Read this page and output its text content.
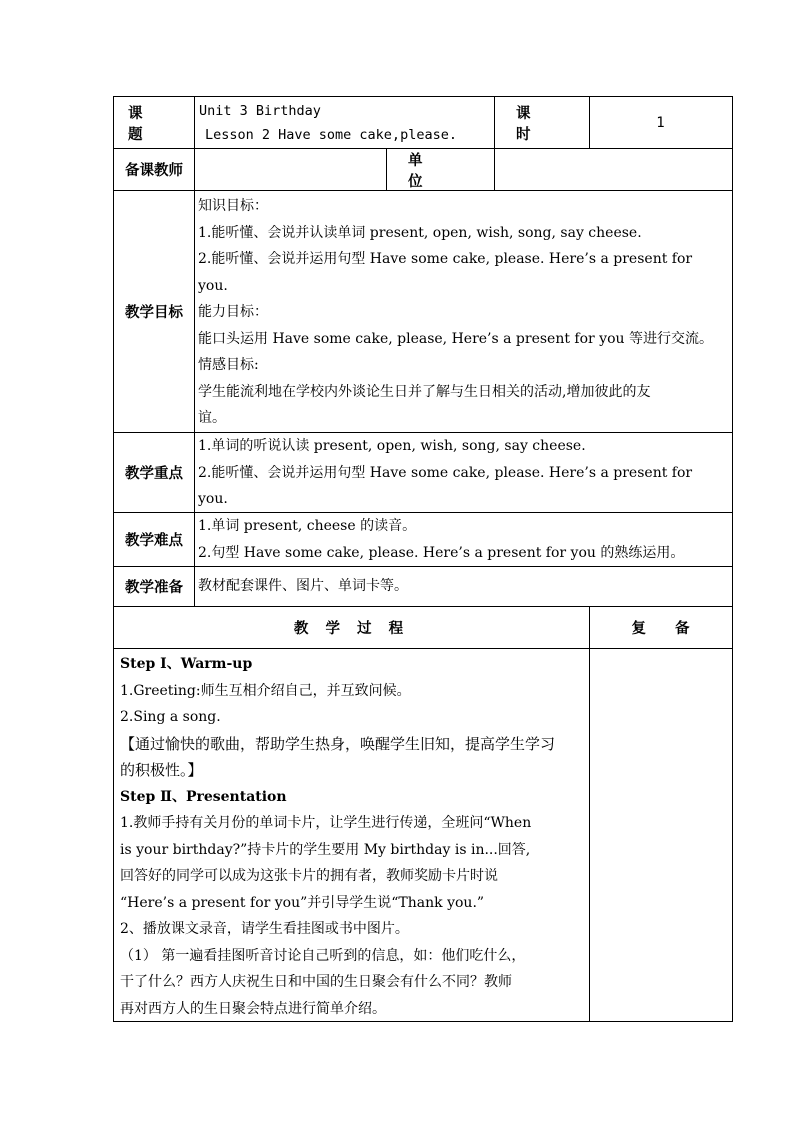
课 题
Unit 3 Birthday
Lesson 2 Have some cake,please.
课 时
1
备课教师
单 位
教学目标
知识目标：
1.能听懂、会说并认读单词 present, open, wish, song, say cheese.
2.能听懂、会说并运用句型 Have some cake, please. Here’s a present for
you.
能力目标：
能口头运用 Have some cake, please, Here’s a present for you 等进行交流。
情感目标:
学生能流利地在学校内外谈论生日并了解与生日相关的活动,增加彼此的友
谊。
教学重点
1.单词的听说认读 present, open, wish, song, say cheese.
2.能听懂、会说并运用句型 Have some cake, please. Here’s a present for
you.
教学难点
1.单词 present, cheese 的读音。
2.句型 Have some cake, please. Here’s a present for you 的熟练运用。
教学准备	教材配套课件、图片、单词卡等。
教 学 过 程	复 备
Step Ⅰ、Warm-up
1.Greeting:师生互相介绍自己，并互致问候。
2.Sing a song.
【通过愉快的歌曲，帮助学生热身，唤醒学生旧知，提高学生学习
的积极性。】
Step Ⅱ、Presentation
1.教师手持有关月份的单词卡片，让学生进行传递，全班问“When
is your birthday?”持卡片的学生要用 My birthday is in...回答,
回答好的同学可以成为这张卡片的拥有者，教师奖励卡片时说
“Here’s a present for you”并引导学生说“Thank you.”
2、播放课文录音，请学生看挂图或书中图片。
（1） 第一遍看挂图听音讨论自己听到的信息，如：他们吃什么，
干了什么？西方人庆祝生日和中国的生日聚会有什么不同？教师
再对西方人的生日聚会特点进行简单介绍。
